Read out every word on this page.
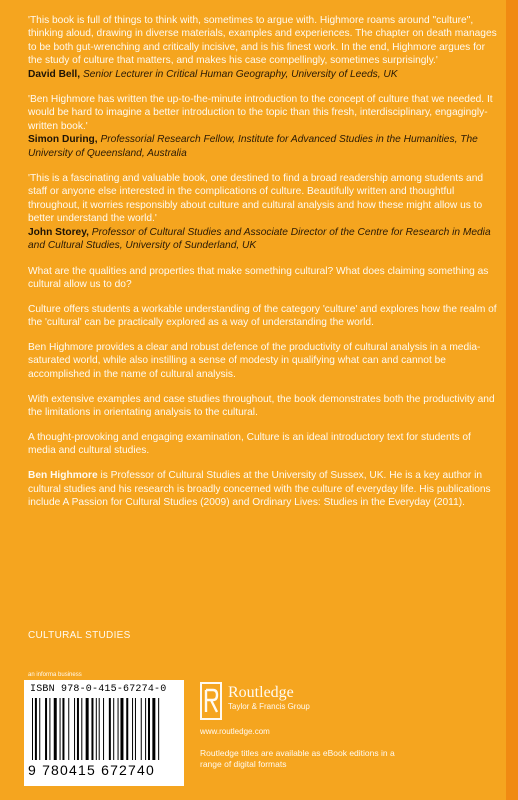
'This book is full of things to think with, sometimes to argue with. Highmore roams around "culture", thinking aloud, drawing in diverse materials, examples and experiences. The chapter on death manages to be both gut-wrenching and critically incisive, and is his finest work. In the end, Highmore argues for the study of culture that matters, and makes his case compellingly, sometimes surprisingly.'

David Bell, Senior Lecturer in Critical Human Geography, University of Leeds, UK

'Ben Highmore has written the up-to-the-minute introduction to the concept of culture that we needed. It would be hard to imagine a better introduction to the topic than this fresh, interdisciplinary, engagingly-written book.'

Simon During, Professorial Research Fellow, Institute for Advanced Studies in the Humanities, The University of Queensland, Australia

'This is a fascinating and valuable book, one destined to find a broad readership among students and staff or anyone else interested in the complications of culture. Beautifully written and thoughtful throughout, it worries responsibly about culture and cultural analysis and how these might allow us to better understand the world.'

John Storey, Professor of Cultural Studies and Associate Director of the Centre for Research in Media and Cultural Studies, University of Sunderland, UK

What are the qualities and properties that make something cultural? What does claiming something as cultural allow us to do?

Culture offers students a workable understanding of the category 'culture' and explores how the realm of the 'cultural' can be practically explored as a way of understanding the world.

Ben Highmore provides a clear and robust defence of the productivity of cultural analysis in a media-saturated world, while also instilling a sense of modesty in qualifying what can and cannot be accomplished in the name of cultural analysis.

With extensive examples and case studies throughout, the book demonstrates both the productivity and the limitations in orientating analysis to the cultural.

A thought-provoking and engaging examination, Culture is an ideal introductory text for students of media and cultural studies.

Ben Highmore is Professor of Cultural Studies at the University of Sussex, UK. He is a key author in cultural studies and his research is broadly concerned with the culture of everyday life. His publications include A Passion for Cultural Studies (2009) and Ordinary Lives: Studies in the Everyday (2011).

CULTURAL STUDIES
an informa business
ISBN 978-0-415-67274-0
9 780415 672740
Routledge
Taylor & Francis Group
www.routledge.com
Routledge titles are available as eBook editions in a range of digital formats
